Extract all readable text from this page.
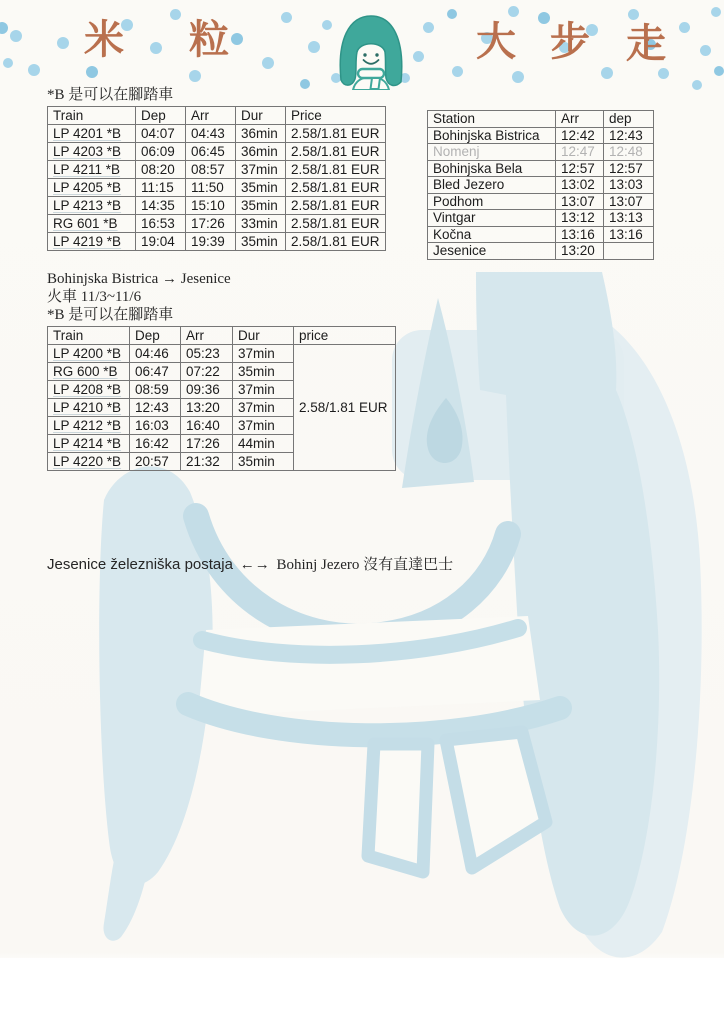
米 粒	大 步 走
*B 是可以在腳踏車
Train	Dep	Arr	Dur	Price
LP 4201 *B	04:07	04:43	36min	2.58/1.81 EUR
LP 4203 *B	06:09	06:45	36min	2.58/1.81 EUR
LP 4211 *B	08:20	08:57	37min	2.58/1.81 EUR
LP 4205 *B	11:15	11:50	35min	2.58/1.81 EUR
LP 4213 *B	14:35	15:10	35min	2.58/1.81 EUR
RG 601 *B	16:53	17:26	33min	2.58/1.81 EUR
LP 4219 *B	19:04	19:39	35min	2.58/1.81 EUR
Station	Arr	dep
Bohinjska Bistrica	12:42	12:43
Nomenj	12:47	12:48
Bohinjska Bela	12:57	12:57
Bled Jezero	13:02	13:03
Podhom	13:07	13:07
Vintgar	13:12	13:13
Kočna	13:16	13:16
Jesenice	13:20	
Bohinjska Bistrica → Jesenice
火車 11/3~11/6
*B 是可以在腳踏車
Train	Dep	Arr	Dur	price
LP 4200 *B	04:46	05:23	37min	2.58/1.81 EUR
RG 600 *B	06:47	07:22	35min	
LP 4208 *B	08:59	09:36	37min	
LP 4210 *B	12:43	13:20	37min	
LP 4212 *B	16:03	16:40	37min	
LP 4214 *B	16:42	17:26	44min	
LP 4220 *B	20:57	21:32	35min	
Jesenice železniška postaja ←→ Bohinj Jezero 沒有直達巴士
